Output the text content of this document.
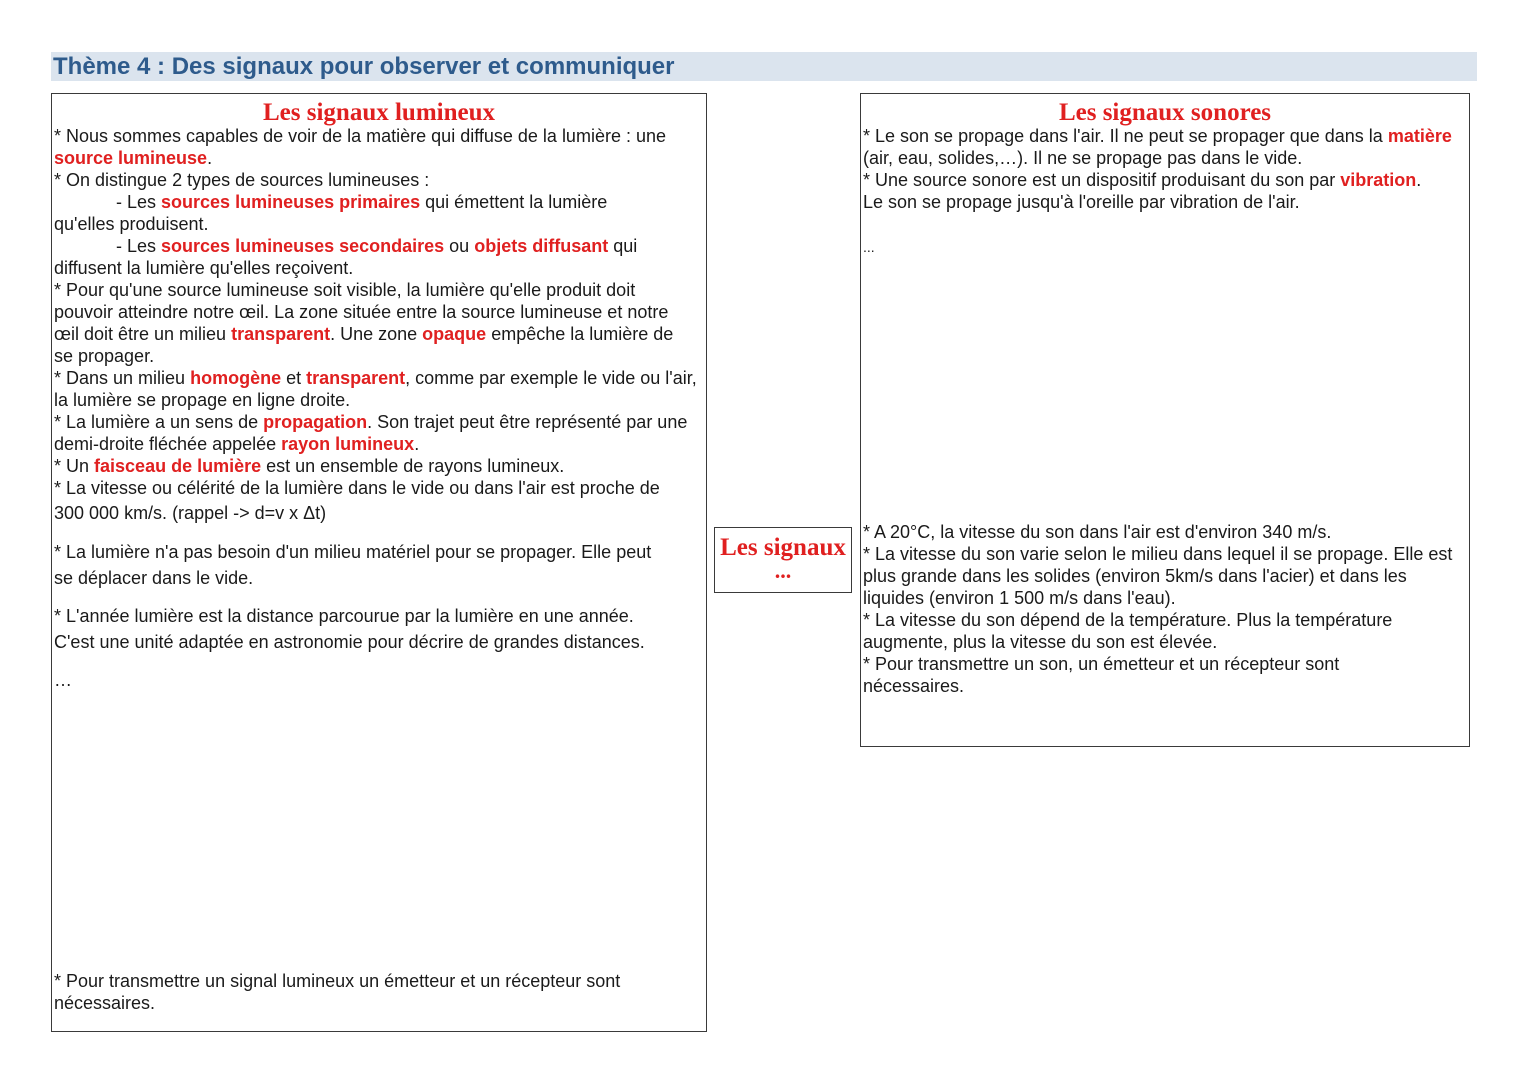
Thème 4 : Des signaux pour observer et communiquer
Les signaux lumineux

* Nous sommes capables de voir de la matière qui diffuse de la lumière : une source lumineuse.

* On distingue 2 types de sources lumineuses :

- Les sources lumineuses primaires qui émettent la lumière
qu'elles produisent.

- Les sources lumineuses secondaires ou objets diffusant qui
diffusent la lumière qu'elles reçoivent.

* Pour qu'une source lumineuse soit visible, la lumière qu'elle produit doit pouvoir atteindre notre œil. La zone située entre la source lumineuse et notre œil doit être un milieu transparent. Une zone opaque empêche la lumière de se propager.

* Dans un milieu homogène et transparent, comme par exemple le vide ou l'air, la lumière se propage en ligne droite.

* La lumière a un sens de propagation. Son trajet peut être représenté par une demi-droite fléchée appelée rayon lumineux.

* Un faisceau de lumière est un ensemble de rayons lumineux.

* La vitesse ou célérité de la lumière dans le vide ou dans l'air est proche de

300 000 km/s. (rappel -> d=v x Δt)

* La lumière n'a pas besoin d'un milieu matériel pour se propager. Elle peut
se déplacer dans le vide.

* L'année lumière est la distance parcourue par la lumière en une année.
C'est une unité adaptée en astronomie pour décrire de grandes distances.

…

* Pour transmettre un signal lumineux un émetteur et un récepteur sont nécessaires.

Les signaux
...
Les signaux sonores

* Le son se propage dans l'air. Il ne peut se propager que dans la matière (air, eau, solides,…). Il ne se propage pas dans le vide.

* Une source sonore est un dispositif produisant du son par vibration.
Le son se propage jusqu'à l'oreille par vibration de l'air.

...

* A 20°C, la vitesse du son dans l'air est d'environ 340 m/s.

* La vitesse du son varie selon le milieu dans lequel il se propage. Elle est plus grande dans les solides (environ 5km/s dans l'acier) et dans les liquides (environ 1 500 m/s dans l'eau).

* La vitesse du son dépend de la température. Plus la température augmente, plus la vitesse du son est élevée.

* Pour transmettre un son, un émetteur et un récepteur sont nécessaires.
